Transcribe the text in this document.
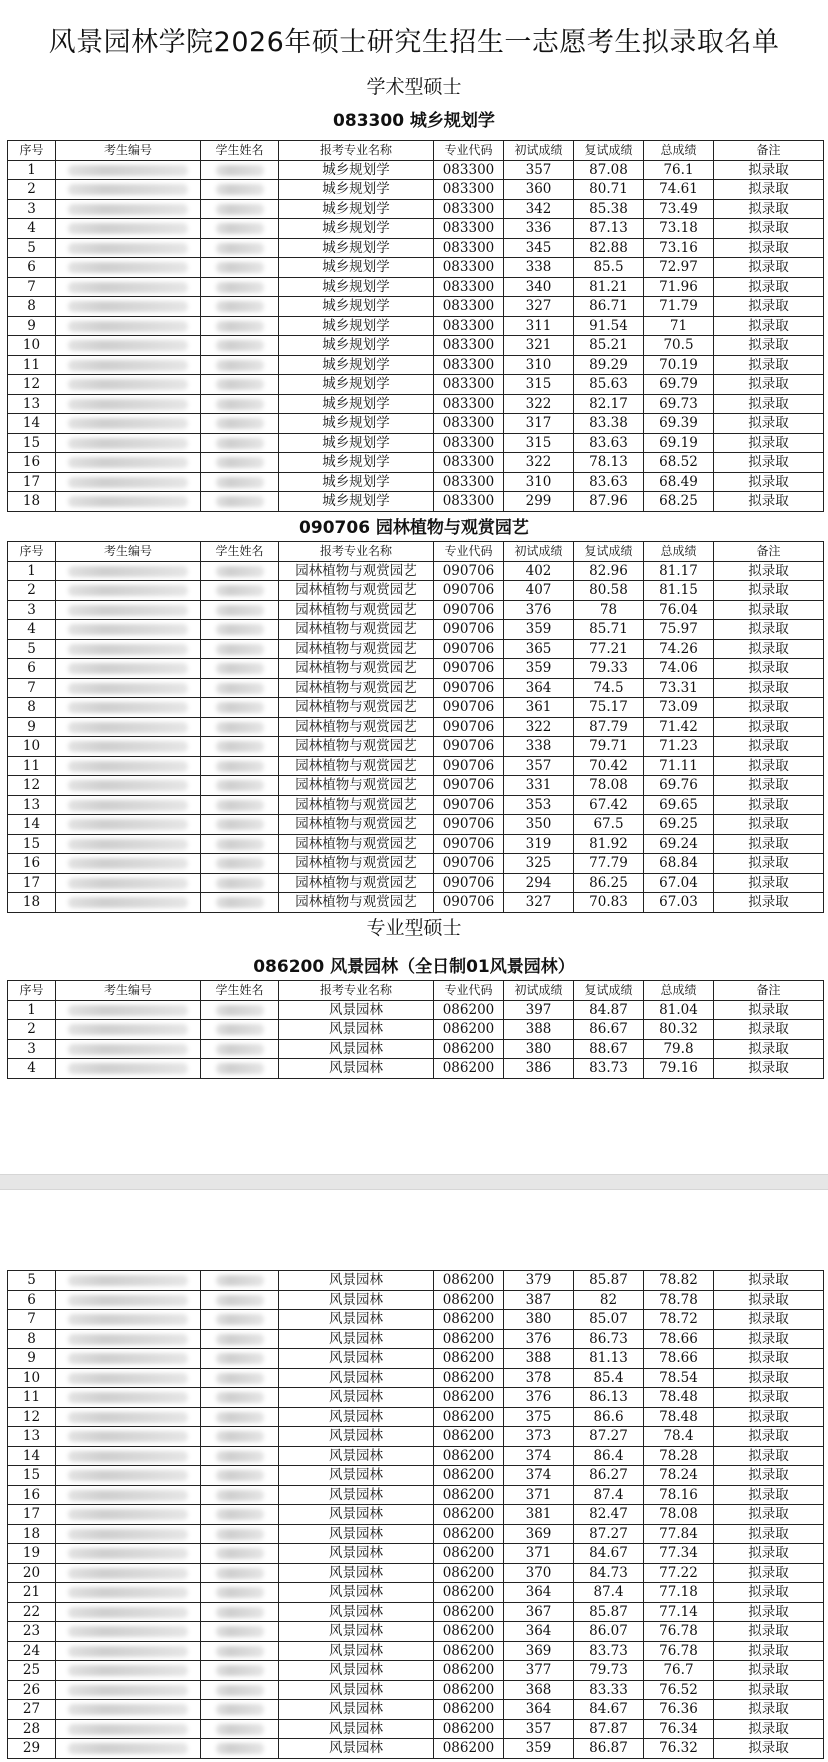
风景园林学院2026年硕士研究生招生一志愿考生拟录取名单
学术型硕士
083300 城乡规划学
序号	考生编号	学生姓名	报考专业名称	专业代码	初试成绩	复试成绩	总成绩	备注
1			城乡规划学	083300	357	87.08	76.1	拟录取
2			城乡规划学	083300	360	80.71	74.61	拟录取
3			城乡规划学	083300	342	85.38	73.49	拟录取
4			城乡规划学	083300	336	87.13	73.18	拟录取
5			城乡规划学	083300	345	82.88	73.16	拟录取
6			城乡规划学	083300	338	85.5	72.97	拟录取
7			城乡规划学	083300	340	81.21	71.96	拟录取
8			城乡规划学	083300	327	86.71	71.79	拟录取
9			城乡规划学	083300	311	91.54	71	拟录取
10			城乡规划学	083300	321	85.21	70.5	拟录取
11			城乡规划学	083300	310	89.29	70.19	拟录取
12			城乡规划学	083300	315	85.63	69.79	拟录取
13			城乡规划学	083300	322	82.17	69.73	拟录取
14			城乡规划学	083300	317	83.38	69.39	拟录取
15			城乡规划学	083300	315	83.63	69.19	拟录取
16			城乡规划学	083300	322	78.13	68.52	拟录取
17			城乡规划学	083300	310	83.63	68.49	拟录取
18			城乡规划学	083300	299	87.96	68.25	拟录取
090706 园林植物与观赏园艺
序号	考生编号	学生姓名	报考专业名称	专业代码	初试成绩	复试成绩	总成绩	备注
1			园林植物与观赏园艺	090706	402	82.96	81.17	拟录取
2			园林植物与观赏园艺	090706	407	80.58	81.15	拟录取
3			园林植物与观赏园艺	090706	376	78	76.04	拟录取
4			园林植物与观赏园艺	090706	359	85.71	75.97	拟录取
5			园林植物与观赏园艺	090706	365	77.21	74.26	拟录取
6			园林植物与观赏园艺	090706	359	79.33	74.06	拟录取
7			园林植物与观赏园艺	090706	364	74.5	73.31	拟录取
8			园林植物与观赏园艺	090706	361	75.17	73.09	拟录取
9			园林植物与观赏园艺	090706	322	87.79	71.42	拟录取
10			园林植物与观赏园艺	090706	338	79.71	71.23	拟录取
11			园林植物与观赏园艺	090706	357	70.42	71.11	拟录取
12			园林植物与观赏园艺	090706	331	78.08	69.76	拟录取
13			园林植物与观赏园艺	090706	353	67.42	69.65	拟录取
14			园林植物与观赏园艺	090706	350	67.5	69.25	拟录取
15			园林植物与观赏园艺	090706	319	81.92	69.24	拟录取
16			园林植物与观赏园艺	090706	325	77.79	68.84	拟录取
17			园林植物与观赏园艺	090706	294	86.25	67.04	拟录取
18			园林植物与观赏园艺	090706	327	70.83	67.03	拟录取
专业型硕士
086200 风景园林（全日制01风景园林）
序号	考生编号	学生姓名	报考专业名称	专业代码	初试成绩	复试成绩	总成绩	备注
1			风景园林	086200	397	84.87	81.04	拟录取
2			风景园林	086200	388	86.67	80.32	拟录取
3			风景园林	086200	380	88.67	79.8	拟录取
4			风景园林	086200	386	83.73	79.16	拟录取
5			风景园林	086200	379	85.87	78.82	拟录取
6			风景园林	086200	387	82	78.78	拟录取
7			风景园林	086200	380	85.07	78.72	拟录取
8			风景园林	086200	376	86.73	78.66	拟录取
9			风景园林	086200	388	81.13	78.66	拟录取
10			风景园林	086200	378	85.4	78.54	拟录取
11			风景园林	086200	376	86.13	78.48	拟录取
12			风景园林	086200	375	86.6	78.48	拟录取
13			风景园林	086200	373	87.27	78.4	拟录取
14			风景园林	086200	374	86.4	78.28	拟录取
15			风景园林	086200	374	86.27	78.24	拟录取
16			风景园林	086200	371	87.4	78.16	拟录取
17			风景园林	086200	381	82.47	78.08	拟录取
18			风景园林	086200	369	87.27	77.84	拟录取
19			风景园林	086200	371	84.67	77.34	拟录取
20			风景园林	086200	370	84.73	77.22	拟录取
21			风景园林	086200	364	87.4	77.18	拟录取
22			风景园林	086200	367	85.87	77.14	拟录取
23			风景园林	086200	364	86.07	76.78	拟录取
24			风景园林	086200	369	83.73	76.78	拟录取
25			风景园林	086200	377	79.73	76.7	拟录取
26			风景园林	086200	368	83.33	76.52	拟录取
27			风景园林	086200	364	84.67	76.36	拟录取
28			风景园林	086200	357	87.87	76.34	拟录取
29			风景园林	086200	359	86.87	76.32	拟录取
